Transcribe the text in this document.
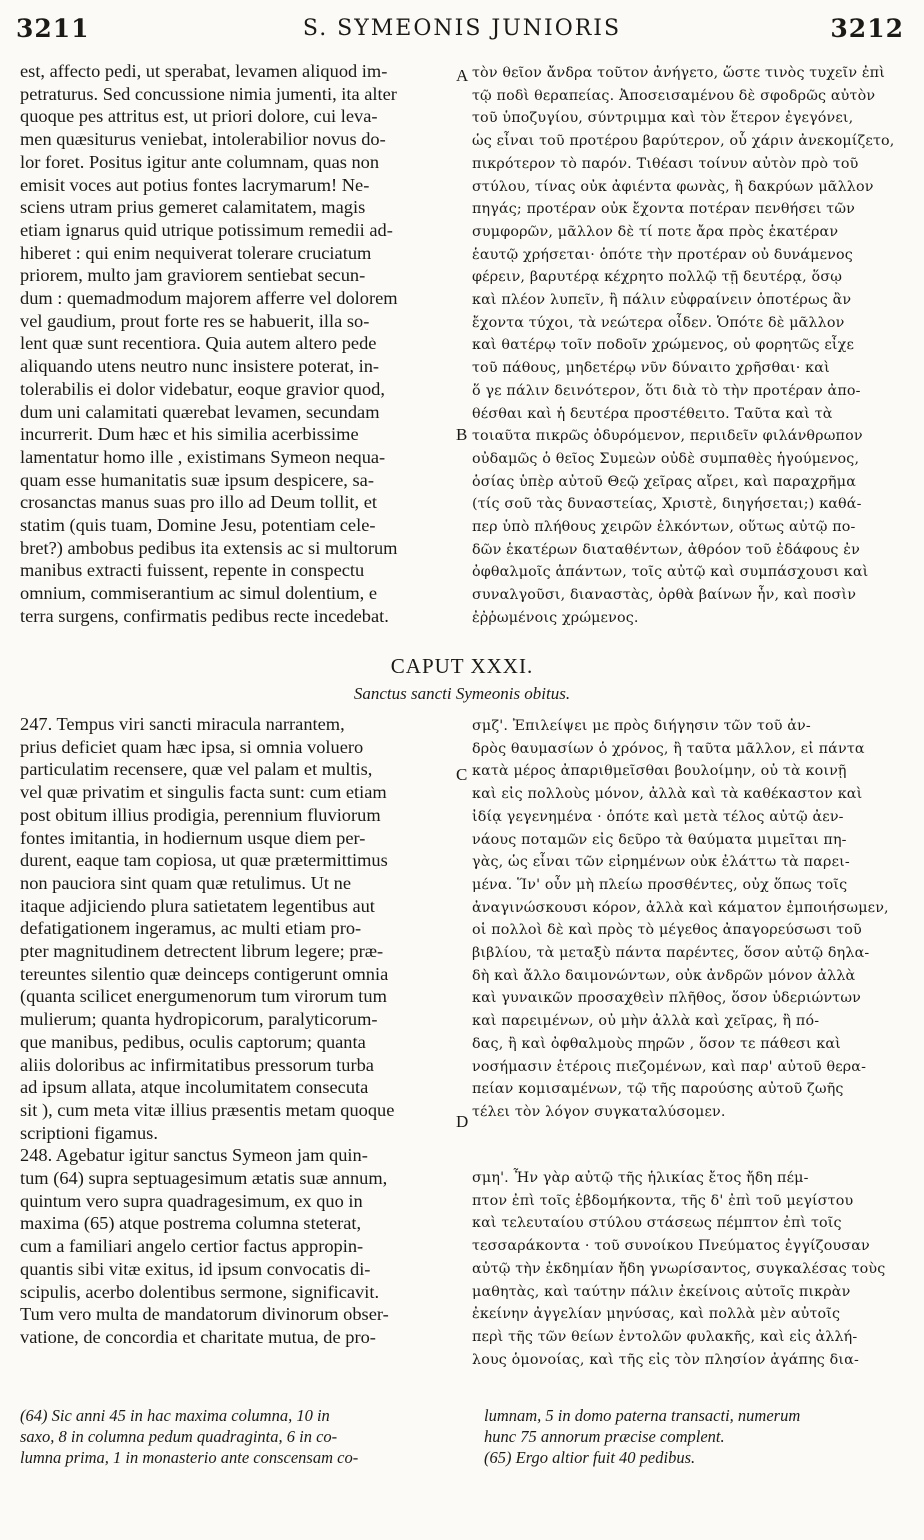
3211	S. SYMEONIS JUNIORIS	3212

est, affecto pedi, ut sperabat, levamen aliquod im-

petraturus. Sed concussione nimia jumenti, ita alter

quoque pes attritus est, ut priori dolore, cui leva-

men quæsiturus veniebat, intolerabilior novus do-

lor foret. Positus igitur ante columnam, quas non

emisit voces aut potius fontes lacrymarum! Ne-

sciens utram prius gemeret calamitatem, magis

etiam ignarus quid utrique potissimum remedii ad-

hiberet : qui enim nequiverat tolerare cruciatum

priorem, multo jam graviorem sentiebat secun-

dum : quemadmodum majorem afferre vel dolorem

vel gaudium, prout forte res se habuerit, illa so-

lent quæ sunt recentiora. Quia autem altero pede

aliquando utens neutro nunc insistere poterat, in-

tolerabilis ei dolor videbatur, eoque gravior quod,

dum uni calamitati quærebat levamen, secundam

incurrerit. Dum hæc et his similia acerbissime

lamentatur homo ille , existimans Symeon nequa-

quam esse humanitatis suæ ipsum despicere, sa-

crosanctas manus suas pro illo ad Deum tollit, et

statim (quis tuam, Domine Jesu, potentiam cele-

bret?) ambobus pedibus ita extensis ac si multorum

manibus extracti fuissent, repente in conspectu

omnium, commiserantium ac simul dolentium, e

terra surgens, confirmatis pedibus recte incedebat.

τὸν θεῖον ἄνδρα τοῦτον ἀνήγετο, ὥστε τινὸς τυχεῖν ἐπὶ

τῷ ποδὶ θεραπείας. Ἀποσεισαμένου δὲ σφοδρῶς αὐτὸν

τοῦ ὑποζυγίου, σύντριμμα καὶ τὸν ἕτερον ἐγεγόνει,

ὡς εἶναι τοῦ προτέρου βαρύτερον, οὗ χάριν ἀνεκομίζετο,

πικρότερον τὸ παρόν. Τιθέασι τοίνυν αὐτὸν πρὸ τοῦ

στύλου, τίνας οὐκ ἀφιέντα φωνὰς, ἢ δακρύων μᾶλλον

πηγάς; προτέραν οὐκ ἔχοντα ποτέραν πενθήσει τῶν

συμφορῶν, μᾶλλον δὲ τί ποτε ἄρα πρὸς ἑκατέραν

ἑαυτῷ χρήσεται· ὁπότε τὴν προτέραν οὐ δυνάμενος

φέρειν, βαρυτέρᾳ κέχρητο πολλῷ τῇ δευτέρᾳ, ὅσῳ

καὶ πλέον λυπεῖν, ἢ πάλιν εὐφραίνειν ὁποτέρως ἂν

ἔχοντα τύχοι, τὰ νεώτερα οἶδεν. Ὁπότε δὲ μᾶλλον

καὶ θατέρῳ τοῖν ποδοῖν χρώμενος, οὐ φορητῶς εἶχε

τοῦ πάθους, μηδετέρῳ νῦν δύναιτο χρῆσθαι· καὶ

ὅ γε πάλιν δεινότερον, ὅτι διὰ τὸ τὴν προτέραν ἀπο-

θέσθαι καὶ ἡ δευτέρα προστέθειτο. Ταῦτα καὶ τὰ

τοιαῦτα πικρῶς ὀδυρόμενον, περιιδεῖν φιλάνθρωπον

οὐδαμῶς ὁ θεῖος Συμεὼν οὐδὲ συμπαθὲς ἡγούμενος,

ὁσίας ὑπὲρ αὐτοῦ Θεῷ χεῖρας αἴρει, καὶ παραχρῆμα

(τίς σοῦ τὰς δυναστείας, Χριστὲ, διηγήσεται;) καθά-

περ ὑπὸ πλήθους χειρῶν ἑλκόντων, οὕτως αὐτῷ πο-

δῶν ἑκατέρων διαταθέντων, ἀθρόον τοῦ ἐδάφους ἐν

ὀφθαλμοῖς ἁπάντων, τοῖς αὐτῷ καὶ συμπάσχουσι καὶ

συναλγοῦσι, διαναστὰς, ὀρθὰ βαίνων ἦν, καὶ ποσὶν

ἐῤῥωμένοις χρώμενος.

A
B
C
D
CAPUT XXXI.
Sanctus sancti Symeonis obitus.

247. Tempus viri sancti miracula narrantem,

prius deficiet quam hæc ipsa, si omnia voluero

particulatim recensere, quæ vel palam et multis,

vel quæ privatim et singulis facta sunt: cum etiam

post obitum illius prodigia, perennium fluviorum

fontes imitantia, in hodiernum usque diem per-

durent, eaque tam copiosa, ut quæ prætermittimus

non pauciora sint quam quæ retulimus. Ut ne

itaque adjiciendo plura satietatem legentibus aut

defatigationem ingeramus, ac multi etiam pro-

pter magnitudinem detrectent librum legere; præ-

tereuntes silentio quæ deinceps contigerunt omnia

(quanta scilicet energumenorum tum virorum tum

mulierum; quanta hydropicorum, paralyticorum-

que manibus, pedibus, oculis captorum; quanta

aliis doloribus ac infirmitatibus pressorum turba

ad ipsum allata, atque incolumitatem consecuta

sit ), cum meta vitæ illius præsentis metam quoque

scriptioni figamus.

248. Agebatur igitur sanctus Symeon jam quin-

tum (64) supra septuagesimum ætatis suæ annum,

quintum vero supra quadragesimum, ex quo in

maxima (65) atque postrema columna steterat,

cum a familiari angelo certior factus appropin-

quantis sibi vitæ exitus, id ipsum convocatis di-

scipulis, acerbo dolentibus sermone, significavit.

Tum vero multa de mandatorum divinorum obser-

vatione, de concordia et charitate mutua, de pro-

σμζ'. Ἐπιλείψει με πρὸς διήγησιν τῶν τοῦ ἀν-

δρὸς θαυμασίων ὁ χρόνος, ἢ ταῦτα μᾶλλον, εἰ πάντα

κατὰ μέρος ἀπαριθμεῖσθαι βουλοίμην, οὐ τὰ κοινῇ

καὶ εἰς πολλοὺς μόνον, ἀλλὰ καὶ τὰ καθέκαστον καὶ

ἰδίᾳ γεγενημένα · ὁπότε καὶ μετὰ τέλος αὐτῷ ἀεν-

νάους ποταμῶν εἰς δεῦρο τὰ θαύματα μιμεῖται πη-

γὰς, ὡς εἶναι τῶν εἰρημένων οὐκ ἐλάττω τὰ παρει-

μένα. Ἵν' οὖν μὴ πλείω προσθέντες, οὐχ ὅπως τοῖς

ἀναγινώσκουσι κόρον, ἀλλὰ καὶ κάματον ἐμποιήσωμεν,

οἱ πολλοὶ δὲ καὶ πρὸς τὸ μέγεθος ἀπαγορεύσωσι τοῦ

βιβλίου, τὰ μεταξὺ πάντα παρέντες, ὅσον αὐτῷ δηλα-

δὴ καὶ ἄλλο δαιμονώντων, οὐκ ἀνδρῶν μόνον ἀλλὰ

καὶ γυναικῶν προσαχθεὶν πλῆθος, ὅσον ὑδεριώντων

καὶ παρειμένων, οὐ μὴν ἀλλὰ καὶ χεῖρας, ἢ πό-

δας, ἢ καὶ ὀφθαλμοὺς πηρῶν , ὅσον τε πάθεσι καὶ

νοσήμασιν ἑτέροις πιεζομένων, καὶ παρ' αὐτοῦ θερα-

πείαν κομισαμένων, τῷ τῆς παρούσης αὐτοῦ ζωῆς

τέλει τὸν λόγον συγκαταλύσομεν.

σμη'. Ἦν γὰρ αὐτῷ τῆς ἡλικίας ἔτος ἤδη πέμ-

πτον ἐπὶ τοῖς ἑβδομήκοντα, τῆς δ' ἐπὶ τοῦ μεγίστου

καὶ τελευταίου στύλου στάσεως πέμπτον ἐπὶ τοῖς

τεσσαράκοντα · τοῦ συνοίκου Πνεύματος ἐγγίζουσαν

αὐτῷ τὴν ἐκδημίαν ἤδη γνωρίσαντος, συγκαλέσας τοὺς

μαθητὰς, καὶ ταύτην πάλιν ἐκείνοις αὐτοῖς πικρὰν

ἐκείνην ἀγγελίαν μηνύσας, καὶ πολλὰ μὲν αὐτοῖς

περὶ τῆς τῶν θείων ἐντολῶν φυλακῆς, καὶ εἰς ἀλλή-

λους ὁμονοίας, καὶ τῆς εἰς τὸν πλησίον ἀγάπης δια-

(64) Sic anni 45 in hac maxima columna, 10 in

saxo, 8 in columna pedum quadraginta, 6 in co-

lumna prima, 1 in monasterio ante conscensam co-

lumnam, 5 in domo paterna transacti, numerum

hunc 75 annorum præcise complent.

(65) Ergo altior fuit 40 pedibus.
